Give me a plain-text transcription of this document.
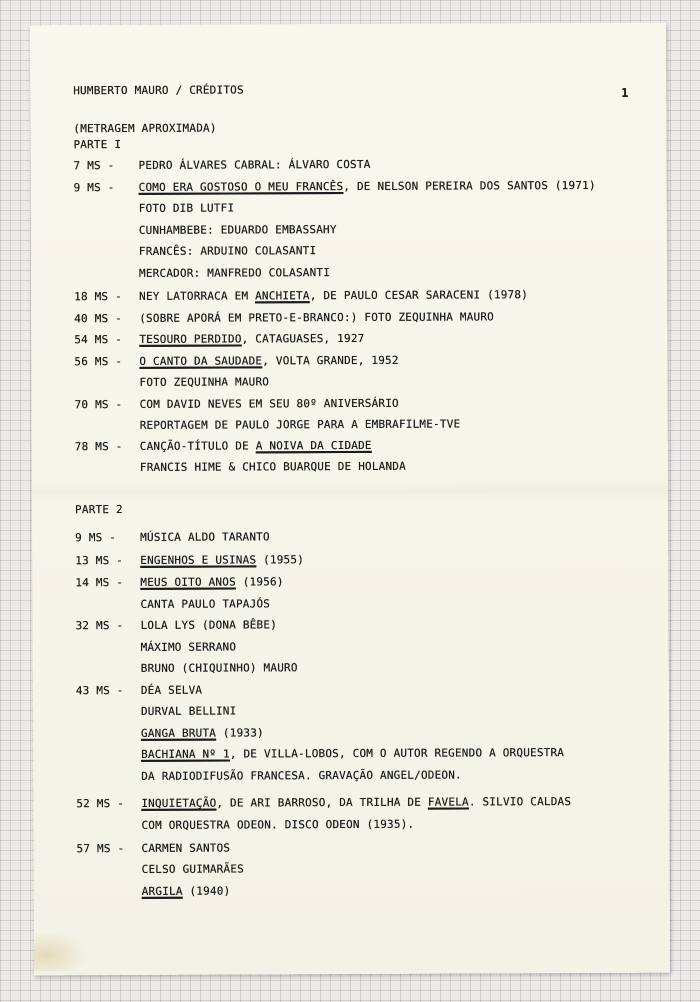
HUMBERTO MAURO / CRÉDITOS	1
(METRAGEM APROXIMADA)
PARTE I
7 MS -	PEDRO ÁLVARES CABRAL: ÁLVARO COSTA
9 MS -	COMO ERA GOSTOSO O MEU FRANCÊS, DE NELSON PEREIRA DOS SANTOS (1971)
FOTO DIB LUTFI
CUNHAMBEBE: EDUARDO EMBASSAHY
FRANCÊS: ARDUINO COLASANTI
MERCADOR: MANFREDO COLASANTI
18 MS -	NEY LATORRACA EM ANCHIETA, DE PAULO CESAR SARACENI (1978)
40 MS -	(SOBRE APORÁ EM PRETO-E-BRANCO:) FOTO ZEQUINHA MAURO
54 MS -	TESOURO PERDIDO, CATAGUASES, 1927
56 MS -	O CANTO DA SAUDADE, VOLTA GRANDE, 1952
FOTO ZEQUINHA MAURO
70 MS -	COM DAVID NEVES EM SEU 80º ANIVERSÁRIO
REPORTAGEM DE PAULO JORGE PARA A EMBRAFILME-TVE
78 MS -	CANÇÃO-TÍTULO DE A NOIVA DA CIDADE
FRANCIS HIME & CHICO BUARQUE DE HOLANDA
PARTE 2
9 MS -	MÚSICA ALDO TARANTO
13 MS -	ENGENHOS E USINAS (1955)
14 MS -	MEUS OITO ANOS (1956)
CANTA PAULO TAPAJÓS
32 MS -	LOLA LYS (DONA BÊBE)
MÁXIMO SERRANO
BRUNO (CHIQUINHO) MAURO
43 MS -	DÉA SELVA
DURVAL BELLINI
GANGA BRUTA (1933)
BACHIANA Nº 1, DE VILLA-LOBOS, COM O AUTOR REGENDO A ORQUESTRA
DA RADIODIFUSÃO FRANCESA. GRAVAÇÃO ANGEL/ODEON.
52 MS -	INQUIETAÇÃO, DE ARI BARROSO, DA TRILHA DE FAVELA. SILVIO CALDAS
COM ORQUESTRA ODEON. DISCO ODEON (1935).
57 MS -	CARMEN SANTOS
CELSO GUIMARÃES
ARGILA (1940)
